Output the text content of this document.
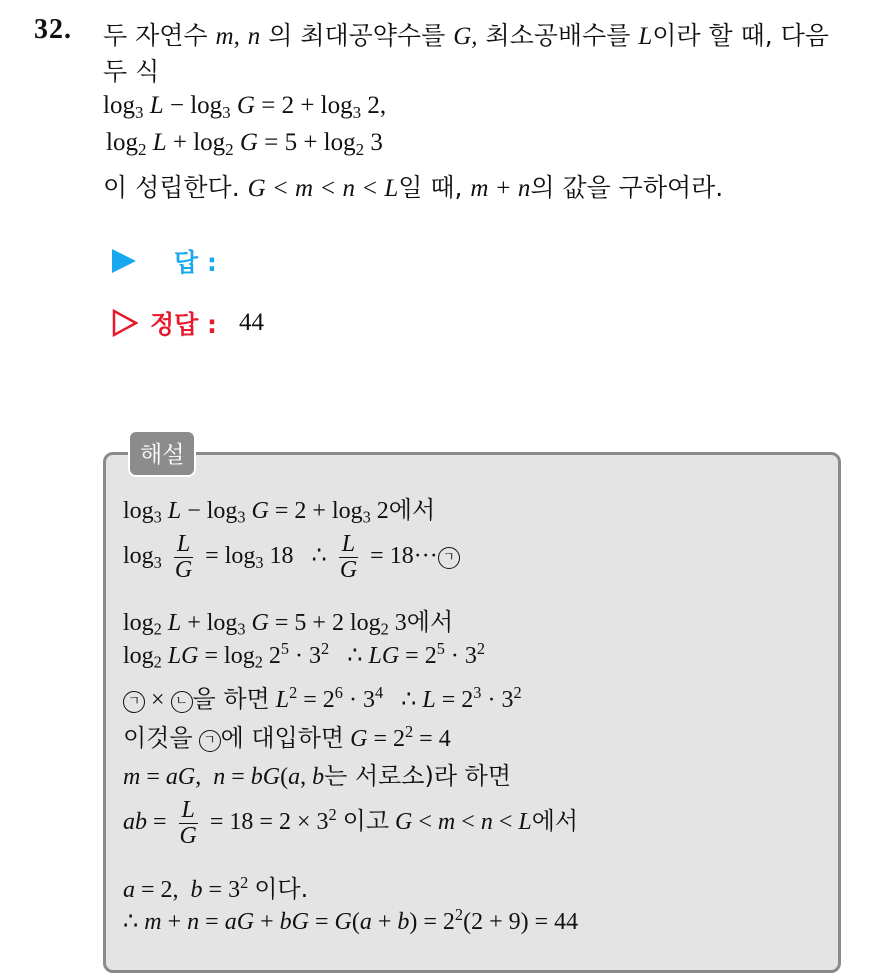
32. 두 자연수 m, n 의 최대공약수를 G, 최소공배수를 L이라 할 때, 다음
두 식
$\log_3 L - \log_3 G = 2 + \log_3 2$,
$\log_2 L + \log_2 G = 5 + \log_2 3$
이 성립한다. G < m < n < L일 때, m + n의 값을 구하여라.
답 :
정답 : 44
해설
$\log_3 L - \log_3 G = 2 + \log_3 2$에서
$\log_3 \frac{L}{G} = \log_3 18$   ∴ $\frac{L}{G} = 18\cdot\cdot\cdot$ ㄱ
$\log_2 L + \log_3 G = 5 + 2$ $\log_2 3$에서
$\log_2$ LG = $\log_2 2^5 \cdot 3^2$   ∴ LG = $2^5 \cdot 3^2$
ㄱ × ㄴ 을 하면 $L^2 = 2^6 \cdot 3^4$   ∴ $L = 2^3 \cdot 3^2$
이것을 ㄱ 에 대입하면 $G = 2^2 = 4$
m = aG,  n = bG(a, b는 서로소)라 하면
ab = $\frac{L}{G} = 18 = 2 \times 3^2$ 이고 G < m < n < L에서
a = 2,  $b = 3^2$ 이다.
∴ m + n = aG + bG = $G(a + b) = 2^2(2 + 9) = 44$
